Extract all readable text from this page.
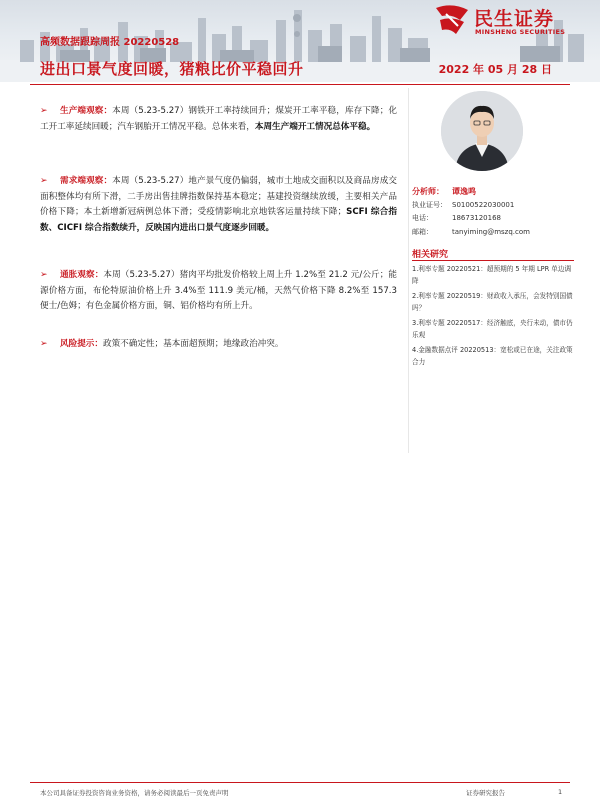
高频数据跟踪周报 20220528
进出口景气度回暖，猪粮比价平稳回升	2022 年 05 月 28 日
民生证券
MINSHENG SECURITIES
➢	生产端观察：本周（5.23-5.27）钢铁开工率持续回升；煤炭开工率平稳，库存下降；化工开工率延续回暖；汽车钢胎开工情况平稳。总体来看，本周生产端开工情况总体平稳。
➢	需求端观察：本周（5.23-5.27）地产景气度仍偏弱，城市土地成交面积以及商品房成交面积整体均有所下滑，二手房出售挂牌指数保持基本稳定；基建投资继续放缓，主要相关产品价格下降；本土新增新冠病例总体下滑；受疫情影响北京地铁客运量持续下降；SCFI 综合指数、CICFI 综合指数续升，反映国内进出口景气度逐步回暖。
➢	通胀观察：本周（5.23-5.27）猪肉平均批发价格较上周上升 1.2%至 21.2 元/公斤；能源价格方面，布伦特原油价格上升 3.4%至 111.9 美元/桶，天然气价格下降 8.2%至 157.3 便士/色姆；有色金属价格方面，铜、铝价格均有所上升。
➢	风险提示：政策不确定性；基本面超预期；地缘政治冲突。
分析师：	谭逸鸣
执业证号： S0100522030001
电话：	18673120168
邮箱：	tanyiming@mszq.com
相关研究
1.利率专题 20220521：超预期的 5 年期 LPR 单边调降
2.利率专题 20220519：财政收入承压，会发特别国债吗？
3.利率专题 20220517：经济触底，央行未动，债市仍乐观
4.金融数据点评 20220513：宽松或已在途，关注政策合力
本公司具备证券投资咨询业务资格，请务必阅读最后一页免责声明	证券研究报告	1
